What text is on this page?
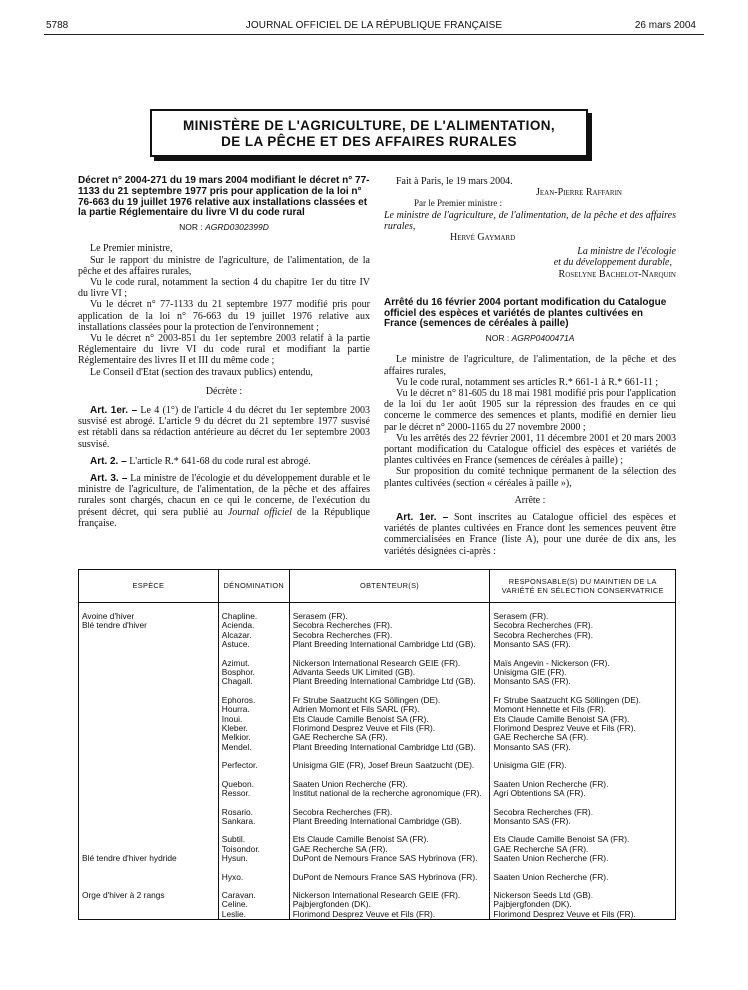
5788	JOURNAL OFFICIEL DE LA RÉPUBLIQUE FRANÇAISE	26 mars 2004
MINISTÈRE DE L'AGRICULTURE, DE L'ALIMENTATION,
DE LA PÊCHE ET DES AFFAIRES RURALES
Décret n° 2004-271 du 19 mars 2004 modifiant le décret n° 77-1133 du 21 septembre 1977 pris pour application de la loi n° 76-663 du 19 juillet 1976 relative aux installations classées et la partie Réglementaire du livre VI du code rural
NOR : AGRD0302399D

Le Premier ministre,

Sur le rapport du ministre de l'agriculture, de l'alimentation, de la pêche et des affaires rurales,

Vu le code rural, notamment la section 4 du chapitre 1er du titre IV du livre VI ;

Vu le décret n° 77-1133 du 21 septembre 1977 modifié pris pour application de la loi n° 76-663 du 19 juillet 1976 relative aux installations classées pour la protection de l'environnement ;

Vu le décret n° 2003-851 du 1er septembre 2003 relatif à la partie Réglementaire du livre VI du code rural et modifiant la partie Réglementaire des livres II et III du même code ;

Le Conseil d'Etat (section des travaux publics) entendu,

Décrète :

Art. 1er. – Le 4 (1°) de l'article 4 du décret du 1er septembre 2003 susvisé est abrogé. L'article 9 du décret du 21 septembre 1977 susvisé est rétabli dans sa rédaction antérieure au décret du 1er septembre 2003 susvisé.

Art. 2. – L'article R.* 641-68 du code rural est abrogé.

Art. 3. – La ministre de l'écologie et du développement durable et le ministre de l'agriculture, de l'alimentation, de la pêche et des affaires rurales sont chargés, chacun en ce qui le concerne, de l'exécution du présent décret, qui sera publié au Journal officiel de la République française.

Fait à Paris, le 19 mars 2004.

Jean-Pierre Raffarin

Par le Premier ministre :

Le ministre de l'agriculture, de l'alimentation, de la pêche et des affaires rurales,

Hervé Gaymard

La ministre de l'écologie

et du développement durable,

Roselyne Bachelot-Narquin

Arrêté du 16 février 2004 portant modification du Catalogue officiel des espèces et variétés de plantes cultivées en France (semences de céréales à paille)
NOR : AGRP0400471A

Le ministre de l'agriculture, de l'alimentation, de la pêche et des affaires rurales,

Vu le code rural, notamment ses articles R.* 661-1 à R.* 661-11 ;

Vu le décret n° 81-605 du 18 mai 1981 modifié pris pour l'application de la loi du 1er août 1905 sur la répression des fraudes en ce qui concerne le commerce des semences et plants, modifié en dernier lieu par le décret n° 2000-1165 du 27 novembre 2000 ;

Vu les arrêtés des 22 février 2001, 11 décembre 2001 et 20 mars 2003 portant modification du Catalogue officiel des espèces et variétés de plantes cultivées en France (semences de céréales à paille) ;

Sur proposition du comité technique permanent de la sélection des plantes cultivées (section « céréales à paille »),

Arrête :

Art. 1er. – Sont inscrites au Catalogue officiel des espèces et variétés de plantes cultivées en France dont les semences peuvent être commercialisées en France (liste A), pour une durée de dix ans, les variétés désignées ci-après :

ESPÈCE	DÉNOMINATION	OBTENTEUR(S)	RESPONSABLE(S) DU MAINTIEN DE LA VARIÉTÉ EN SÉLECTION CONSERVATRICE

Avoine d'hiver	Chapline.	Serasem (FR).	Serasem (FR).
Blé tendre d'hiver	Acienda.	Secobra Recherches (FR).	Secobra Recherches (FR).
	Alcazar.	Secobra Recherches (FR).	Secobra Recherches (FR).
	Astuce.	Plant Breeding International Cambridge Ltd (GB).	Monsanto SAS (FR).

	Azimut.	Nickerson International Research GEIE (FR).	Maïs Angevin - Nickerson (FR).
	Bosphor.	Advanta Seeds UK Limited (GB).	Unisigma GIE (FR).
	Chagall.	Plant Breeding International Cambridge Ltd (GB).	Monsanto SAS (FR).

	Ephoros.	Fr Strube Saatzucht KG Söllingen (DE).	Fr Strube Saatzucht KG Söllingen (DE).
	Hourra.	Adrien Momont et Fils SARL (FR).	Momont Hennette et Fils (FR).
	Inoui.	Ets Claude Camille Benoist SA (FR).	Ets Claude Camille Benoist SA (FR).
	Kleber.	Florimond Desprez Veuve et Fils (FR).	Florimond Desprez Veuve et Fils (FR).
	Melkior.	GAE Recherche SA (FR).	GAE Recherche SA (FR).
	Mendel.	Plant Breeding International Cambridge Ltd (GB).	Monsanto SAS (FR).

	Perfector.	Unisigma GIE (FR), Josef Breun Saatzucht (DE).	Unisigma GIE (FR).

	Quebon.	Saaten Union Recherche (FR).	Saaten Union Recherche (FR).
	Ressor.	Institut national de la recherche agronomique (FR).	Agri Obtentions SA (FR).

	Rosario.	Secobra Recherches (FR).	Secobra Recherches (FR).
	Sankara.	Plant Breeding International Cambridge (GB).	Monsanto SAS (FR).

	Subtil.	Ets Claude Camille Benoist SA (FR).	Ets Claude Camille Benoist SA (FR).
	Toisondor.	GAE Recherche SA (FR).	GAE Recherche SA (FR).
Blé tendre d'hiver hydride	Hysun.	DuPont de Nemours France SAS Hybrinova (FR).	Saaten Union Recherche (FR).

	Hyxo.	DuPont de Nemours France SAS Hybrinova (FR).	Saaten Union Recherche (FR).

Orge d'hiver à 2 rangs	Caravan.	Nickerson International Research GEIE (FR).	Nickerson Seeds Ltd (GB).
	Celine.	Pajbjergfonden (DK).	Pajbjergfonden (DK).
	Leslie.	Florimond Desprez Veuve et Fils (FR).	Florimond Desprez Veuve et Fils (FR).
